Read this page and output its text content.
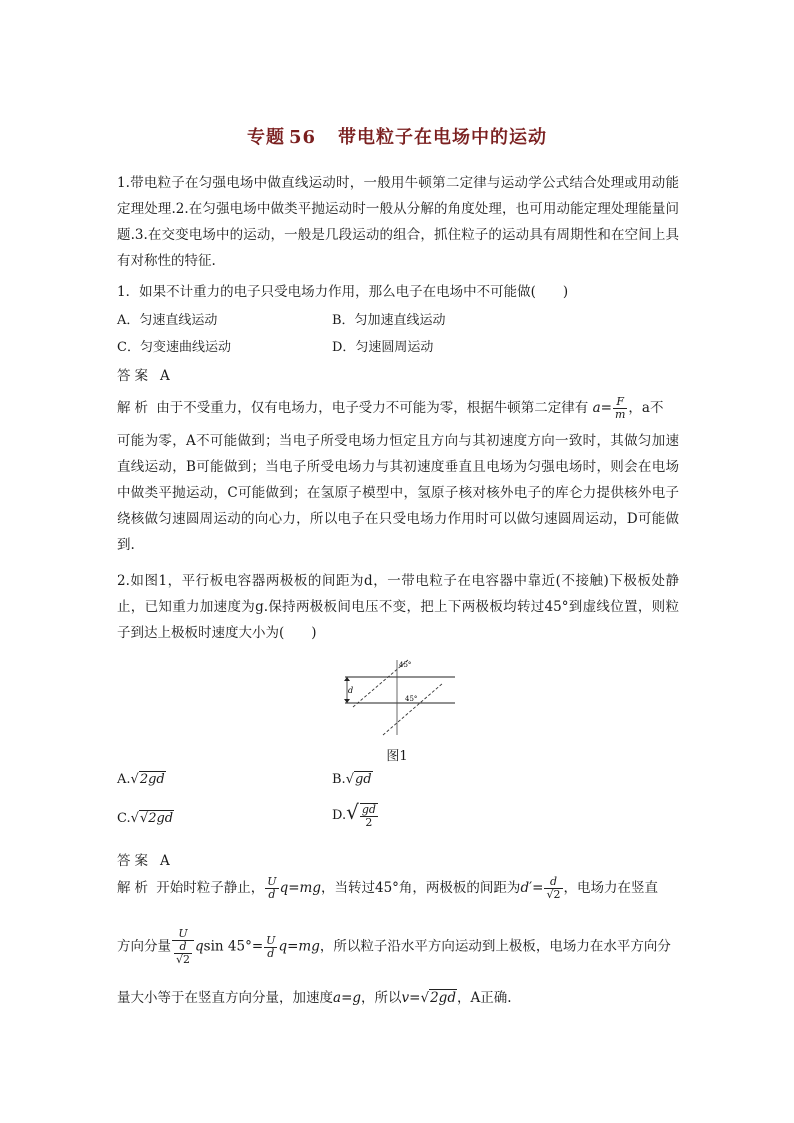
专题 56 带电粒子在电场中的运动
1.带电粒子在匀强电场中做直线运动时，一般用牛顿第二定律与运动学公式结合处理或用动能定理处理.2.在匀强电场中做类平抛运动时一般从分解的角度处理，也可用动能定理处理能量问题.3.在交变电场中的运动，一般是几段运动的组合，抓住粒子的运动具有周期性和在空间上具有对称性的特征.
1．如果不计重力的电子只受电场力作用，那么电子在电场中不可能做(　　)
A．匀速直线运动	B．匀加速直线运动
C．匀变速曲线运动	D．匀速圆周运动
答案 A
解析 由于不受重力，仅有电场力，电子受力不可能为零，根据牛顿第二定律有 $a= \frac{F}{m}$ ，a不
可能为零，A不可能做到；当电子所受电场力恒定且方向与其初速度方向一致时，其做匀加速直线运动，B可能做到；当电子所受电场力与其初速度垂直且电场为匀强电场时，则会在电场中做类平抛运动，C可能做到；在氢原子模型中，氢原子核对核外电子的库仑力提供核外电子绕核做匀速圆周运动的向心力，所以电子在只受电场力作用时可以做匀速圆周运动，D可能做到.
2.如图1，平行板电容器两极板的间距为d，一带电粒子在电容器中靠近(不接触)下极板处静止，已知重力加速度为g.保持两极板间电压不变，把上下两极板均转过45°到虚线位置，则粒子到达上极板时速度大小为(　　)
d
45°
45°
图1
A.√2gd	B.√gd
C.√√2gd	$D.√ \frac{gd}{2}$
答案 A
解析 开始时粒子静止， $\frac{U}{d} q=mg$，当转过45°角，两极板的间距为$d'= \frac{d}{√2}$ ，电场力在竖直
方向分量 $\frac{U}{\frac{d}{√2}}$ qsin $45^\circ= \frac{U}{d} q=mg$，所以粒子沿水平方向运动到上极板，电场力在水平方向分
量大小等于在竖直方向分量，加速度a=g，所以v=√2gd，A正确.
